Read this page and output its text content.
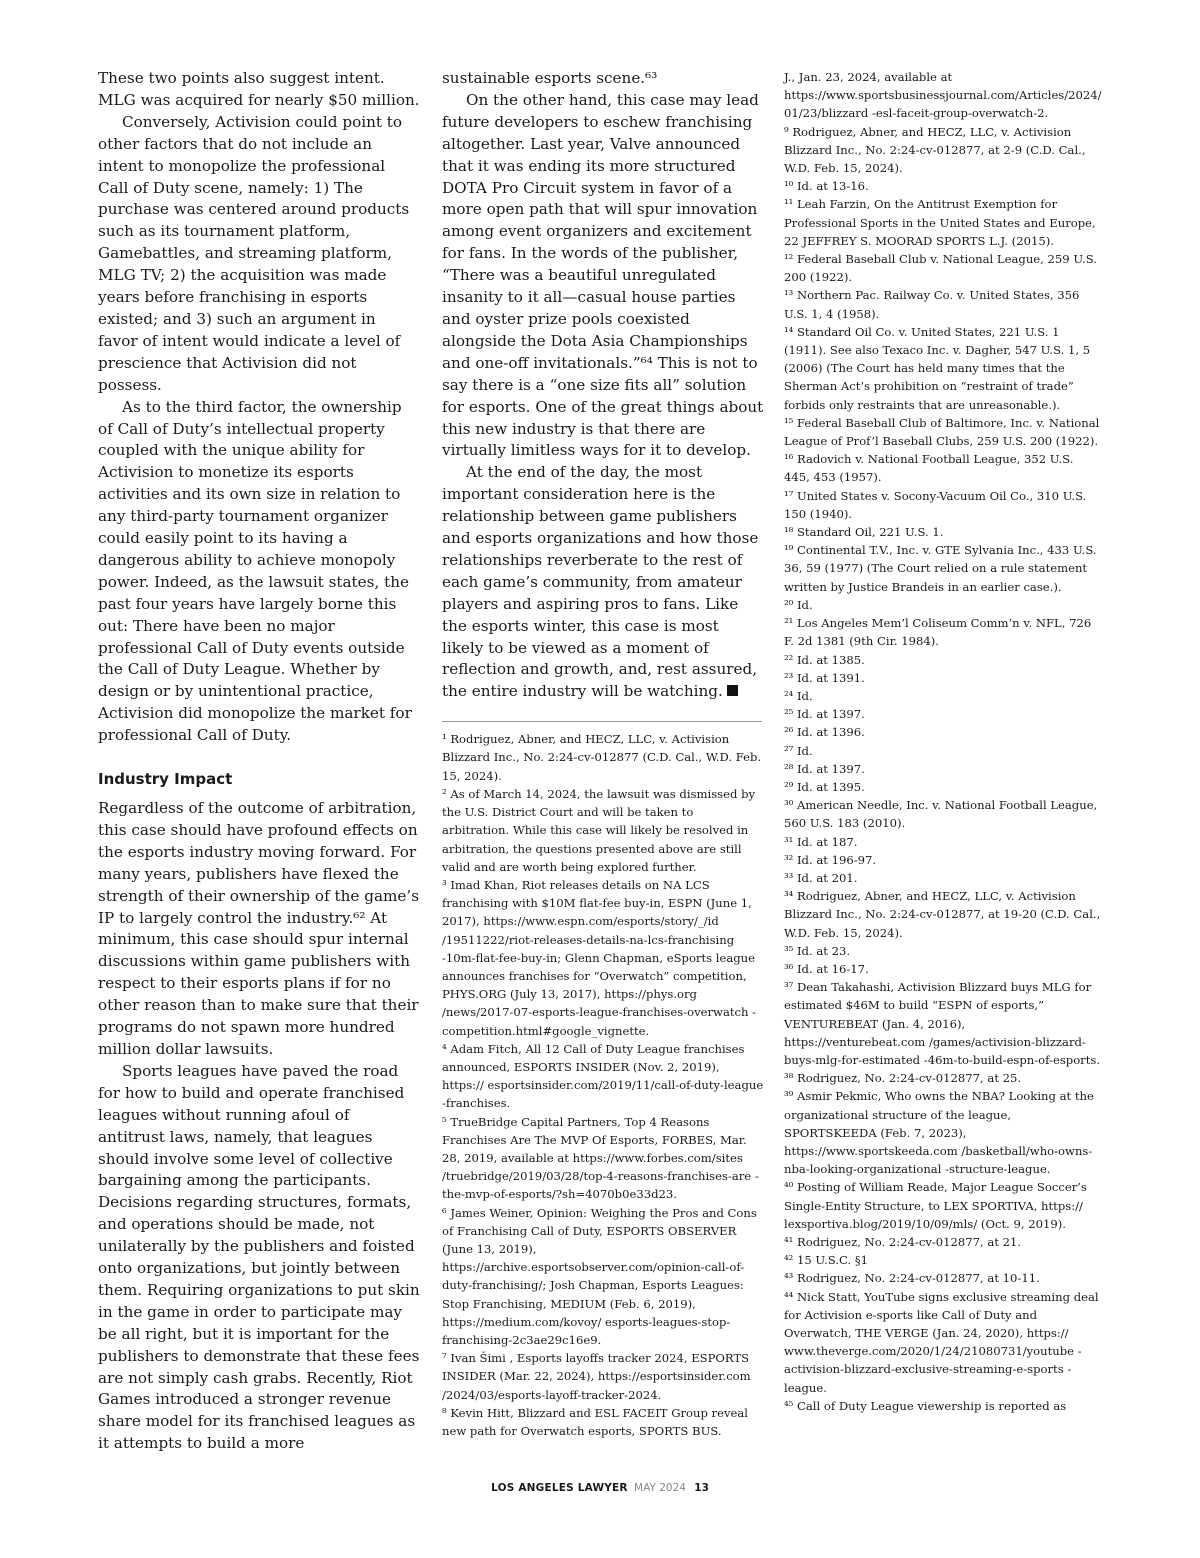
These two points also suggest intent. MLG was acquired for nearly $50 million.

Conversely, Activision could point to other factors that do not include an intent to monopolize the professional Call of Duty scene, namely: 1) The purchase was centered around products such as its tournament platform, Gamebattles, and streaming platform, MLG TV; 2) the acquisition was made years before franchising in esports existed; and 3) such an argument in favor of intent would indicate a level of prescience that Activision did not possess.

As to the third factor, the ownership of Call of Duty’s intellectual property coupled with the unique ability for Activision to monetize its esports activities and its own size in relation to any third-party tournament organizer could easily point to its having a dangerous ability to achieve monopoly power. Indeed, as the lawsuit states, the past four years have largely borne this out: There have been no major professional Call of Duty events outside the Call of Duty League. Whether by design or by unintentional practice, Activision did monopolize the market for professional Call of Duty.

Industry Impact

Regardless of the outcome of arbitration, this case should have profound effects on the esports industry moving forward. For many years, publishers have flexed the strength of their ownership of the game’s IP to largely control the industry.⁶² At minimum, this case should spur internal discussions within game publishers with respect to their esports plans if for no other reason than to make sure that their programs do not spawn more hundred million dollar lawsuits.

Sports leagues have paved the road for how to build and operate franchised leagues without running afoul of antitrust laws, namely, that leagues should involve some level of collective bargaining among the participants. Decisions regarding structures, formats, and operations should be made, not unilaterally by the publishers and foisted onto organizations, but jointly between them. Requiring organizations to put skin in the game in order to participate may be all right, but it is important for the publishers to demonstrate that these fees are not simply cash grabs. Recently, Riot Games introduced a stronger revenue share model for its franchised leagues as it attempts to build a more

sustainable esports scene.⁶³

On the other hand, this case may lead future developers to eschew franchising altogether. Last year, Valve announced that it was ending its more structured DOTA Pro Circuit system in favor of a more open path that will spur innovation among event organizers and excitement for fans. In the words of the publisher, “There was a beautiful unregulated insanity to it all—casual house parties and oyster prize pools coexisted alongside the Dota Asia Championships and one-off invitationals.”⁶⁴ This is not to say there is a “one size fits all” solution for esports. One of the great things about this new industry is that there are virtually limitless ways for it to develop.

At the end of the day, the most important consideration here is the relationship between game publishers and esports organizations and how those relationships reverberate to the rest of each game’s community, from amateur players and aspiring pros to fans. Like the esports winter, this case is most likely to be viewed as a moment of reflection and growth, and, rest assured, the entire industry will be watching.

¹ Rodriguez, Abner, and HECZ, LLC, v. Activision Blizzard Inc., No. 2:24-cv-012877 (C.D. Cal., W.D. Feb. 15, 2024).

² As of March 14, 2024, the lawsuit was dismissed by the U.S. District Court and will be taken to arbitration. While this case will likely be resolved in arbitration, the questions presented above are still valid and are worth being explored further.

³ Imad Khan, Riot releases details on NA LCS franchising with $10M flat-fee buy-in, ESPN (June 1, 2017), https://www.espn.com/esports/story/_/id /19511222/riot-releases-details-na-lcs-franchising -10m-flat-fee-buy-in; Glenn Chapman, eSports league announces franchises for “Overwatch” competition, PHYS.ORG (July 13, 2017), https://phys.org /news/2017-07-esports-league-franchises-overwatch -competition.html#google_vignette.

⁴ Adam Fitch, All 12 Call of Duty League franchises announced, ESPORTS INSIDER (Nov. 2, 2019), https:// esportsinsider.com/2019/11/call-of-duty-league -franchises.

⁵ TrueBridge Capital Partners, Top 4 Reasons Franchises Are The MVP Of Esports, FORBES, Mar. 28, 2019, available at https://www.forbes.com/sites /truebridge/2019/03/28/top-4-reasons-franchises-are -the-mvp-of-esports/?sh=4070b0e33d23.

⁶ James Weiner, Opinion: Weighing the Pros and Cons of Franchising Call of Duty, ESPORTS OBSERVER (June 13, 2019), https://archive.esportsobserver.com/opinion-call-of-duty-franchising/; Josh Chapman, Esports Leagues: Stop Franchising, MEDIUM (Feb. 6, 2019), https://medium.com/kovoy/ esports-leagues-stop-franchising-2c3ae29c16e9.

⁷ Ivan Šimi , Esports layoffs tracker 2024, ESPORTS INSIDER (Mar. 22, 2024), https://esportsinsider.com /2024/03/esports-layoff-tracker-2024.

⁸ Kevin Hitt, Blizzard and ESL FACEIT Group reveal new path for Overwatch esports, SPORTS BUS.

J., Jan. 23, 2024, available at https://www.sportsbusinessjournal.com/Articles/2024/01/23/blizzard -esl-faceit-group-overwatch-2.

⁹ Rodriguez, Abner, and HECZ, LLC, v. Activision Blizzard Inc., No. 2:24-cv-012877, at 2-9 (C.D. Cal., W.D. Feb. 15, 2024).

¹⁰ Id. at 13-16.

¹¹ Leah Farzin, On the Antitrust Exemption for Professional Sports in the United States and Europe, 22 JEFFREY S. MOORAD SPORTS L.J. (2015).

¹² Federal Baseball Club v. National League, 259 U.S. 200 (1922).

¹³ Northern Pac. Railway Co. v. United States, 356 U.S. 1, 4 (1958).

¹⁴ Standard Oil Co. v. United States, 221 U.S. 1 (1911). See also Texaco Inc. v. Dagher, 547 U.S. 1, 5 (2006) (The Court has held many times that the Sherman Act’s prohibition on “restraint of trade” forbids only restraints that are unreasonable.).

¹⁵ Federal Baseball Club of Baltimore, Inc. v. National League of Prof’l Baseball Clubs, 259 U.S. 200 (1922).

¹⁶ Radovich v. National Football League, 352 U.S. 445, 453 (1957).

¹⁷ United States v. Socony-Vacuum Oil Co., 310 U.S. 150 (1940).

¹⁸ Standard Oil, 221 U.S. 1.

¹⁹ Continental T.V., Inc. v. GTE Sylvania Inc., 433 U.S. 36, 59 (1977) (The Court relied on a rule statement written by Justice Brandeis in an earlier case.).

²⁰ Id.

²¹ Los Angeles Mem’l Coliseum Comm’n v. NFL, 726 F. 2d 1381 (9th Cir. 1984).

²² Id. at 1385.

²³ Id. at 1391.

²⁴ Id.

²⁵ Id. at 1397.

²⁶ Id. at 1396.

²⁷ Id.

²⁸ Id. at 1397.

²⁹ Id. at 1395.

³⁰ American Needle, Inc. v. National Football League, 560 U.S. 183 (2010).

³¹ Id. at 187.

³² Id. at 196-97.

³³ Id. at 201.

³⁴ Rodriguez, Abner, and HECZ, LLC, v. Activision Blizzard Inc., No. 2:24-cv-012877, at 19-20 (C.D. Cal., W.D. Feb. 15, 2024).

³⁵ Id. at 23.

³⁶ Id. at 16-17.

³⁷ Dean Takahashi, Activision Blizzard buys MLG for estimated $46M to build “ESPN of esports,” VENTUREBEAT (Jan. 4, 2016), https://venturebeat.com /games/activision-blizzard-buys-mlg-for-estimated -46m-to-build-espn-of-esports.

³⁸ Rodriguez, No. 2:24-cv-012877, at 25.

³⁹ Asmir Pekmic, Who owns the NBA? Looking at the organizational structure of the league, SPORTSKEEDA (Feb. 7, 2023), https://www.sportskeeda.com /basketball/who-owns-nba-looking-organizational -structure-league.

⁴⁰ Posting of William Reade, Major League Soccer’s Single-Entity Structure, to LEX SPORTIVA, https:// lexsportiva.blog/2019/10/09/mls/ (Oct. 9, 2019).

⁴¹ Rodriguez, No. 2:24-cv-012877, at 21.

⁴² 15 U.S.C. §1

⁴³ Rodriguez, No. 2:24-cv-012877, at 10-11.

⁴⁴ Nick Statt, YouTube signs exclusive streaming deal for Activision e-sports like Call of Duty and Overwatch, THE VERGE (Jan. 24, 2020), https:// www.theverge.com/2020/1/24/21080731/youtube -activision-blizzard-exclusive-streaming-e-sports -league.

⁴⁵ Call of Duty League viewership is reported as

LOS ANGELES LAWYER MAY 2024 13
